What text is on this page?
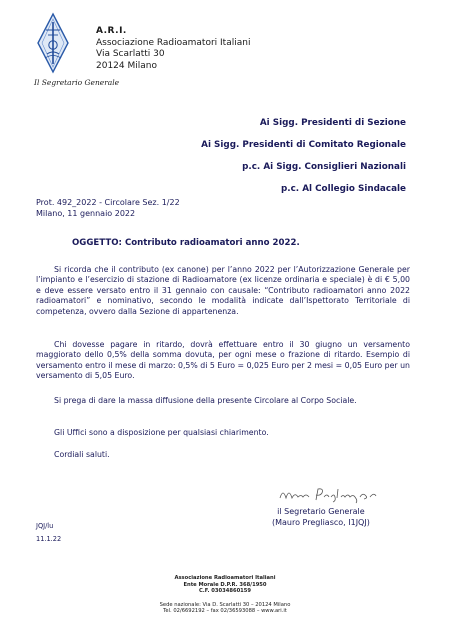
A.R.I.
Associazione Radioamatori Italiani
Via Scarlatti 30
20124 Milano
Il Segretario Generale
Ai Sigg. Presidenti di Sezione
Ai Sigg. Presidenti di Comitato Regionale
p.c. Ai Sigg. Consiglieri Nazionali
p.c. Al Collegio Sindacale
Prot. 492_2022 - Circolare Sez. 1/22
Milano, 11 gennaio 2022
OGGETTO: Contributo radioamatori anno 2022.

Si ricorda che il contributo (ex canone) per l’anno 2022 per l’Autorizzazione Generale per l’impianto e l’esercizio di stazione di Radioamatore (ex licenze ordinaria e speciale) è di € 5,00 e deve essere versato entro il 31 gennaio con causale: “Contributo radioamatori anno 2022 radioamatori” e nominativo, secondo le modalità indicate dall’Ispettorato Territoriale di competenza, ovvero dalla Sezione di appartenenza.

Chi dovesse pagare in ritardo, dovrà effettuare entro il 30 giugno un versamento maggiorato dello 0,5% della somma dovuta, per ogni mese o frazione di ritardo. Esempio di versamento entro il mese di marzo: 0,5% di 5 Euro = 0,025 Euro per 2 mesi = 0,05 Euro per un versamento di 5,05 Euro.

Si prega di dare la massa diffusione della presente Circolare al Corpo Sociale.

Gli Uffici sono a disposizione per qualsiasi chiarimento.

Cordiali saluti.

il Segretario Generale
(Mauro Pregliasco, I1JQJ)
JQJ/lu
11.1.22
Associazione Radioamatori Italiani
Ente Morale D.P.R. 368/1950
C.F. 03034860159
Sede nazionale: Via D. Scarlatti 30 – 20124 Milano
Tel. 02/6692192 – fax 02/36593088 – www.ari.it
